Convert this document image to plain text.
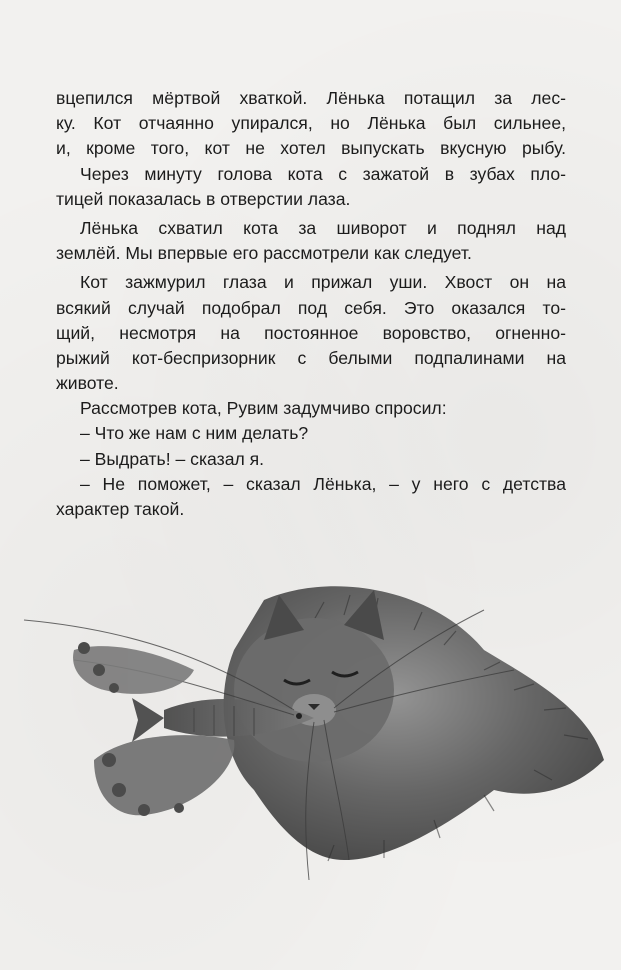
вцепился мёртвой хваткой. Лёнька потащил за лес-
ку. Кот отчаянно упирался, но Лёнька был сильнее,
и, кроме того, кот не хотел выпускать вкусную рыбу.
Через минуту голова кота с зажатой в зубах пло-
тицей показалась в отверстии лаза.
Лёнька схватил кота за шиворот и поднял над
землёй. Мы впервые его рассмотрели как следует.
Кот зажмурил глаза и прижал уши. Хвост он на
всякий случай подобрал под себя. Это оказался то-
щий, несмотря на постоянное воровство, огненно-
рыжий кот-беспризорник с белыми подпалинами на
животе.
Рассмотрев кота, Рувим задумчиво спросил:
– Что же нам с ним делать?
– Выдрать! – сказал я.
– Не поможет, – сказал Лёнька, – у него с детства
характер такой.
